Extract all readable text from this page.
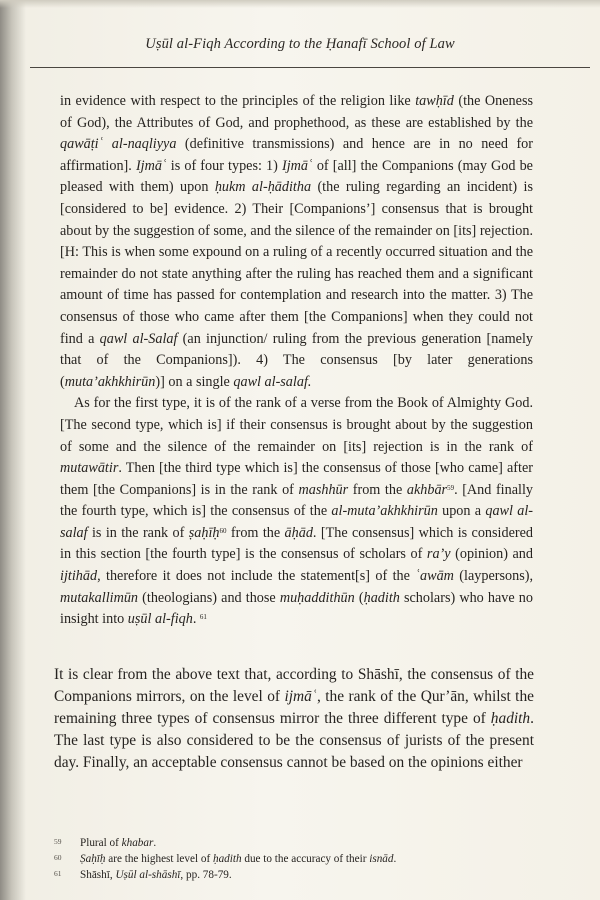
Uṣūl al-Fiqh According to the Ḥanafī School of Law

in evidence with respect to the principles of the religion like tawḥīd (the Oneness of God), the Attributes of God, and prophethood, as these are established by the qawāṭiʿ al-naqliyya (definitive transmissions) and hence are in no need for affirmation]. Ijmāʿ is of four types: 1) Ijmāʿ of [all] the Companions (may God be pleased with them) upon ḥukm al-ḥāditha (the ruling regarding an incident) is [considered to be] evidence. 2) Their [Companions’] consensus that is brought about by the suggestion of some, and the silence of the remainder on [its] rejection. [H: This is when some expound on a ruling of a recently occurred situation and the remainder do not state anything after the ruling has reached them and a significant amount of time has passed for contemplation and research into the matter. 3) The consensus of those who came after them [the Companions] when they could not find a qawl al-Salaf (an injunction/ ruling from the previous generation [namely that of the Companions]). 4) The consensus [by later generations (muta’akhkhirūn)] on a single qawl al-salaf.

As for the first type, it is of the rank of a verse from the Book of Almighty God. [The second type, which is] if their consensus is brought about by the suggestion of some and the silence of the remainder on [its] rejection is in the rank of mutawātir. Then [the third type which is] the consensus of those [who came] after them [the Companions] is in the rank of mashhūr from the akhbār$^{59}$. [And finally the fourth type, which is] the consensus of the al-muta’akhkhirūn upon a qawl al-salaf is in the rank of ṣaḥīḥ$^{60}$ from the āḥād. [The consensus] which is considered in this section [the fourth type] is the consensus of scholars of ra’y (opinion) and ijtihād, therefore it does not include the statement[s] of the ʿawām (laypersons), mutakallimūn (theologians) and those muḥaddithūn (ḥadith scholars) who have no insight into uṣūl al-fiqh. $^{61}$

It is clear from the above text that, according to Shāshī, the consensus of the Companions mirrors, on the level of ijmāʿ, the rank of the Qur’ān, whilst the remaining three types of consensus mirror the three different type of ḥadith. The last type is also considered to be the consensus of jurists of the present day. Finally, an acceptable consensus cannot be based on the opinions either

59 Plural of khabar.
60 Ṣaḥīḥ are the highest level of ḥadith due to the accuracy of their isnād.
61 Shāshī, Uṣūl al-shāshī, pp. 78-79.
